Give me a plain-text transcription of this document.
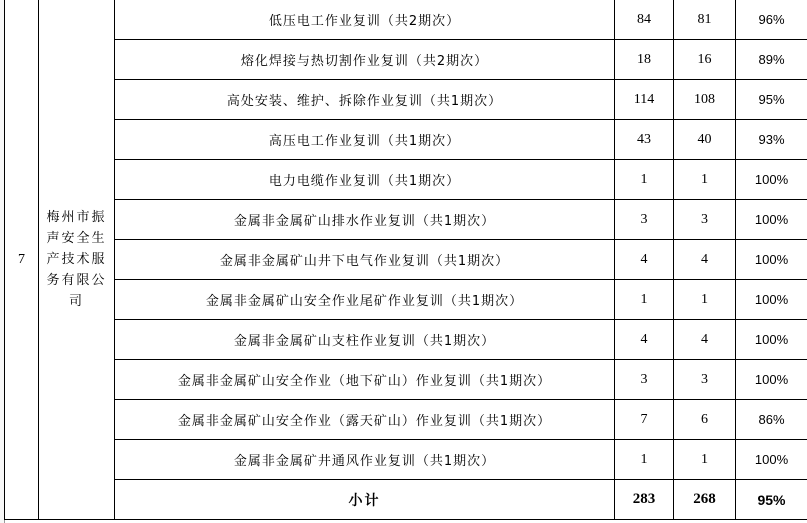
7	梅州市振声安全生产技术服务有限公司	低压电工作业复训（共2期次）	84	81	96%
		熔化焊接与热切割作业复训（共2期次）	18	16	89%
		高处安装、维护、拆除作业复训（共1期次）	114	108	95%
		高压电工作业复训（共1期次）	43	40	93%
		电力电缆作业复训（共1期次）	1	1	100%
		金属非金属矿山排水作业复训（共1期次）	3	3	100%
		金属非金属矿山井下电气作业复训（共1期次）	4	4	100%
		金属非金属矿山安全作业尾矿作业复训（共1期次）	1	1	100%
		金属非金属矿山支柱作业复训（共1期次）	4	4	100%
		金属非金属矿山安全作业（地下矿山）作业复训（共1期次）	3	3	100%
		金属非金属矿山安全作业（露天矿山）作业复训（共1期次）	7	6	86%
		金属非金属矿井通风作业复训（共1期次）	1	1	100%
		小计	283	268	95%
